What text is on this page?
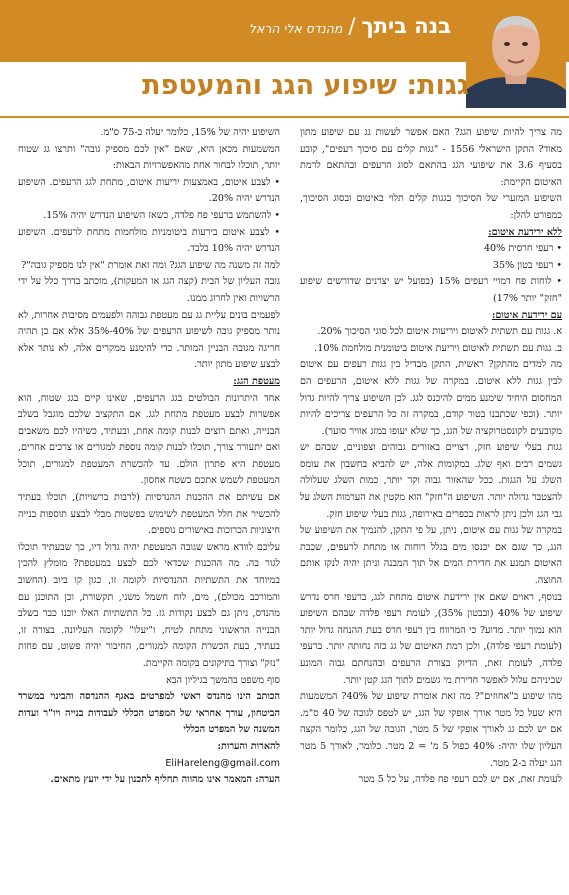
בנה ביתך/מהנדס אלי הראל
גגות: שיפוע הגג והמעטפת

מה צריך להיות שיפוע הגג? האם אפשר לעשות גג עם שיפוע מתון מאוד? התקן הישראלי 1556 - "גגות קלים עם סיכוך רעפים", קובע בסעיף 3.6 את שיפועי הגג בהתאם לסוג הרעפים ובהתאם לרמת האיטום הקיימת:

השיפוע המזערי של הסיכוך בגגות קלים תלוי באיטום ובסוג הסיכוך, כמפורט להלן:

ללא ירידעת איטום:

• רעפי חרסית 40%

• רעפי בטון 35%

• לוחות פח דמויי רעפים 15% (בפועל יש יצרנים שדורשים שיפוע "חזק" יותר 17%)

עם ירידעת איטום:

א. גגות עם תשתית לאיטום ויריעות איטום לכל סוגי הסיכוך 20%.

ב. גגות עם תשתית לאיטום ויריעת איטום ביטומנית מולחמת 10%.

מה למדים מהתקן? ראשית, התקן מבדיל בין גגות רעפים עם איטום לבין גגות ללא איטום. במקרה של גגות ללא איטום, הרעפים הם המחסום היחיד שימנע ממים להיכנס לגג. לכן השיפוע צריך להיות גדול יותר. (וכפי שכתבנו בטור קודם, במקרה זה כל הרעפים צריכים להיות מקובעים לקונסטרוקציה של הגג, כך שלא יעופו במזג אוויר סוער).

גגות בעלי שיפוע חזק, רצויים באזורים גבוהים וצפוניים, שבהם יש גשמים רבים ואף שלג. במקומות אלה, יש להביא בחשבון את עומס השלג על הגגות. ככל שהאזור גבוה וקר יותר, כמות השלג שעלולה להצטבר גדולה יותר. השיפוע ה"חזק" הוא מקטין את הערמות השלג על גבי הגג ולכן ניתן לראות בכפרים באירופה, גגות בעלי שיפוע חזק.

במקרה של גגות עם איטום, ניתן, על פי התקן, להנמיך את השיפוע של הגג, כך שגם אם יכנסו מים בגלל רוחות או מתחת לרעפים, שכבת האיטום תמנע את חדירת המים אל תוך המבנה וניתן יהיה לנקז אותם החוצה.

בנוסף, ראוים שאם אין ירידעת איטום מתחת לגג, ברעפי חרס נדרש שיפוע של 40% (ובבטון 35%), לעומת רעפי פלדה שבהם השיפוע הוא נמוך יותר. מדוע? כי המרווח בין רעפי חרס בעת ההנחה גדול יותר (לעומת רעפי פלדה), ולכן רמת האיטום של גג כזה נחותה יותר. ברעפי פלדה, לעומת זאת, הדיוק בצורת הרעפים ובהנחתם גבוה המונע שביניהם עלול לאפשר חדירת מי גשמים לתוך הגג קטן יותר.

מהו שיפוע ב"אחוזים"? מה זאת אומרת שיפוע של 40%? המשמעות היא שעל כל מטר אורך אופקי של הגג, יש לטפס לגובה של 40 ס"מ. אם יש לכם גג לאורך אופקי של 5 מטר, הגובה של הגג, כלומר הקצה העליון שלו יהיה: 40% כפול 5 מ' = 2 מטר. כלומר, לאורך 5 מטר הגג יעלה ב-2 מטר.

לעומת זאת, אם יש לכם רעפי פח פלדה, על כל 5 מטר

השיפוע יהיה של 15%, כלומר יעלה ב-75 ס"מ.

המשמעות מכאן היא, שאם "אין לכם מספיק גובה" ותרצו גג שטוח יותר, תוכלו לבחור אחת מהאפשרויות הבאות:

• לצבע איטום, באמצעות יריעות איטום, מתחת לגג הרעפים. השיפוע הנדרש יהיה 20%.

• להשתמש ברעפי פח פלדה, כשאז השיפוע הנדרש יהיה 15%.

• לצבע איטום בירעות ביטומניות מולחמות מתחת לרעפים. השיפוע הנדרש יהיה 10% בלבד.

למה זה משנה מה שיפוע הגג? ומה זאת אומרת "אין לנו מספיק גובה"?

גובה העליון של הבית (קצה הגג או המעקות), מוכתב בדרך כלל על ידי הרשויות ואין לחרוג ממנו.

לפעמים בונים עליית גג עם מעטפת גבוהה ולפעמים מסיבות אחרות, לא נותר מספיק גובה לשיפוע הרעפים של 40%-35% אלא אם כן תהיה חריגה מגובה הבניין המותר. כדי להימנע ממקרים אלה, לא נותר אלא לבצע שיפוע מתון יותר.

מעטפת הגג:

אחד היתרונות הבולטים בגג הרעפים, שאינו קיים בגג שטוח, הוא אפשרות לבצע מעטפת מתחת לגג. אם התקציב שלכם מוגבל בשלב הבנייה, ואתם רוצים לבנות קומה אחת, ובעתיד, כשיהיו לכם משאבים ואם יתעורר צורך, תוכלו לבנות קומה נוספת למגורים או צרכים אחרים, מעטפת היא פתרון הולם. עד להכשרת המעטפת למגורים, תוכל המעטפת לשמש אתכם כשטח אחסון.

אם עשיתם את ההכנות ההנדסיות (לרבות ברשויות), תוכלו בעתיד להכשיר את חלל המעטפת לשימוש בפשטות מבלי לבצע תוספות בנייה חיצוניות הכרוכות באישורים נוספים.

עליכם לוודא מראש שגובה המעטפת יהיה גדול דיו, כך שבעתיד תוכלו לגור בה. מה ההכנות שכדאי לכם לבצע במעטפת? מומלץ להכין במיוחד את התשתיות ההנדסיות לקומה זו, כגון קו ביוב (החשוב והמורכב מכולם), מים, לוח חשמל משני, תקשורת, וכן התוכנן עם מהנדס, ניתן גם לבצע נקודות גז. כל התשתיות האלו יוכנו כבר בשלב הבנייה הראשוני מתחת לטיח, ו"יעלו" לקומה העליונה. בצורה זו, בעתיד, בעת הכשרת הקומה למגורים, החיבור יהיה פשוט, עם פחות "נזק" וצורך בתיקונים בקומה הקיימת.

סוף משפט בהמשך בגיליון הבא

הכותב הינו מהנדס ראשי למפרטים באגף ההנדסה והבינוי במשרד הביטחון, עורך אחראי של המפרט הכללי לעבודות בנייה ויו"ר ועדות המשנה של המפרט הכללי

להארות והערות:

EliHareleng@gmail.com

הערה: המאמר אינו מהווה תחליף לתכנון על ידי יועץ מתאים.
